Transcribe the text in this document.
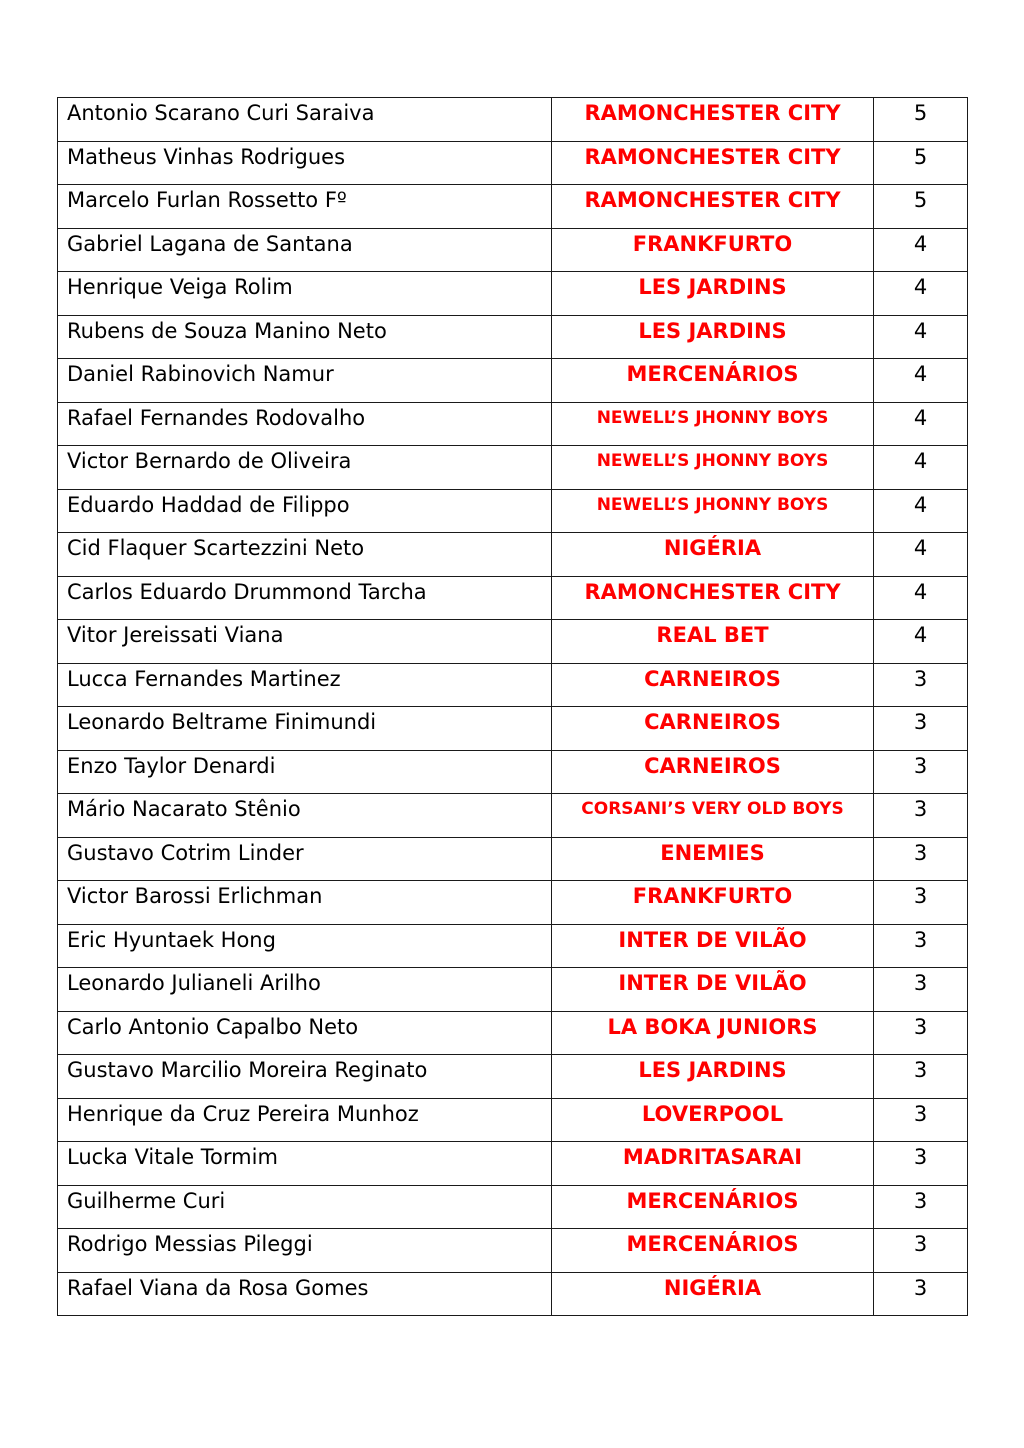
Antonio Scarano Curi Saraiva	RAMONCHESTER CITY	5
Matheus Vinhas Rodrigues	RAMONCHESTER CITY	5
Marcelo Furlan Rossetto Fº	RAMONCHESTER CITY	5
Gabriel Lagana de Santana	FRANKFURTO	4
Henrique Veiga Rolim	LES JARDINS	4
Rubens de Souza Manino Neto	LES JARDINS	4
Daniel Rabinovich Namur	MERCENÁRIOS	4
Rafael Fernandes Rodovalho	NEWELL’S JHONNY BOYS	4
Victor Bernardo de Oliveira	NEWELL’S JHONNY BOYS	4
Eduardo Haddad de Filippo	NEWELL’S JHONNY BOYS	4
Cid Flaquer Scartezzini Neto	NIGÉRIA	4
Carlos Eduardo Drummond Tarcha	RAMONCHESTER CITY	4
Vitor Jereissati Viana	REAL BET	4
Lucca Fernandes Martinez	CARNEIROS	3
Leonardo Beltrame Finimundi	CARNEIROS	3
Enzo Taylor Denardi	CARNEIROS	3
Mário Nacarato Stênio	CORSANI’S VERY OLD BOYS	3
Gustavo Cotrim Linder	ENEMIES	3
Victor Barossi Erlichman	FRANKFURTO	3
Eric Hyuntaek Hong	INTER DE VILÃO	3
Leonardo Julianeli Arilho	INTER DE VILÃO	3
Carlo Antonio Capalbo Neto	LA BOKA JUNIORS	3
Gustavo Marcilio Moreira Reginato	LES JARDINS	3
Henrique da Cruz Pereira Munhoz	LOVERPOOL	3
Lucka Vitale Tormim	MADRITASARAI	3
Guilherme Curi	MERCENÁRIOS	3
Rodrigo Messias Pileggi	MERCENÁRIOS	3
Rafael Viana da Rosa Gomes	NIGÉRIA	3
